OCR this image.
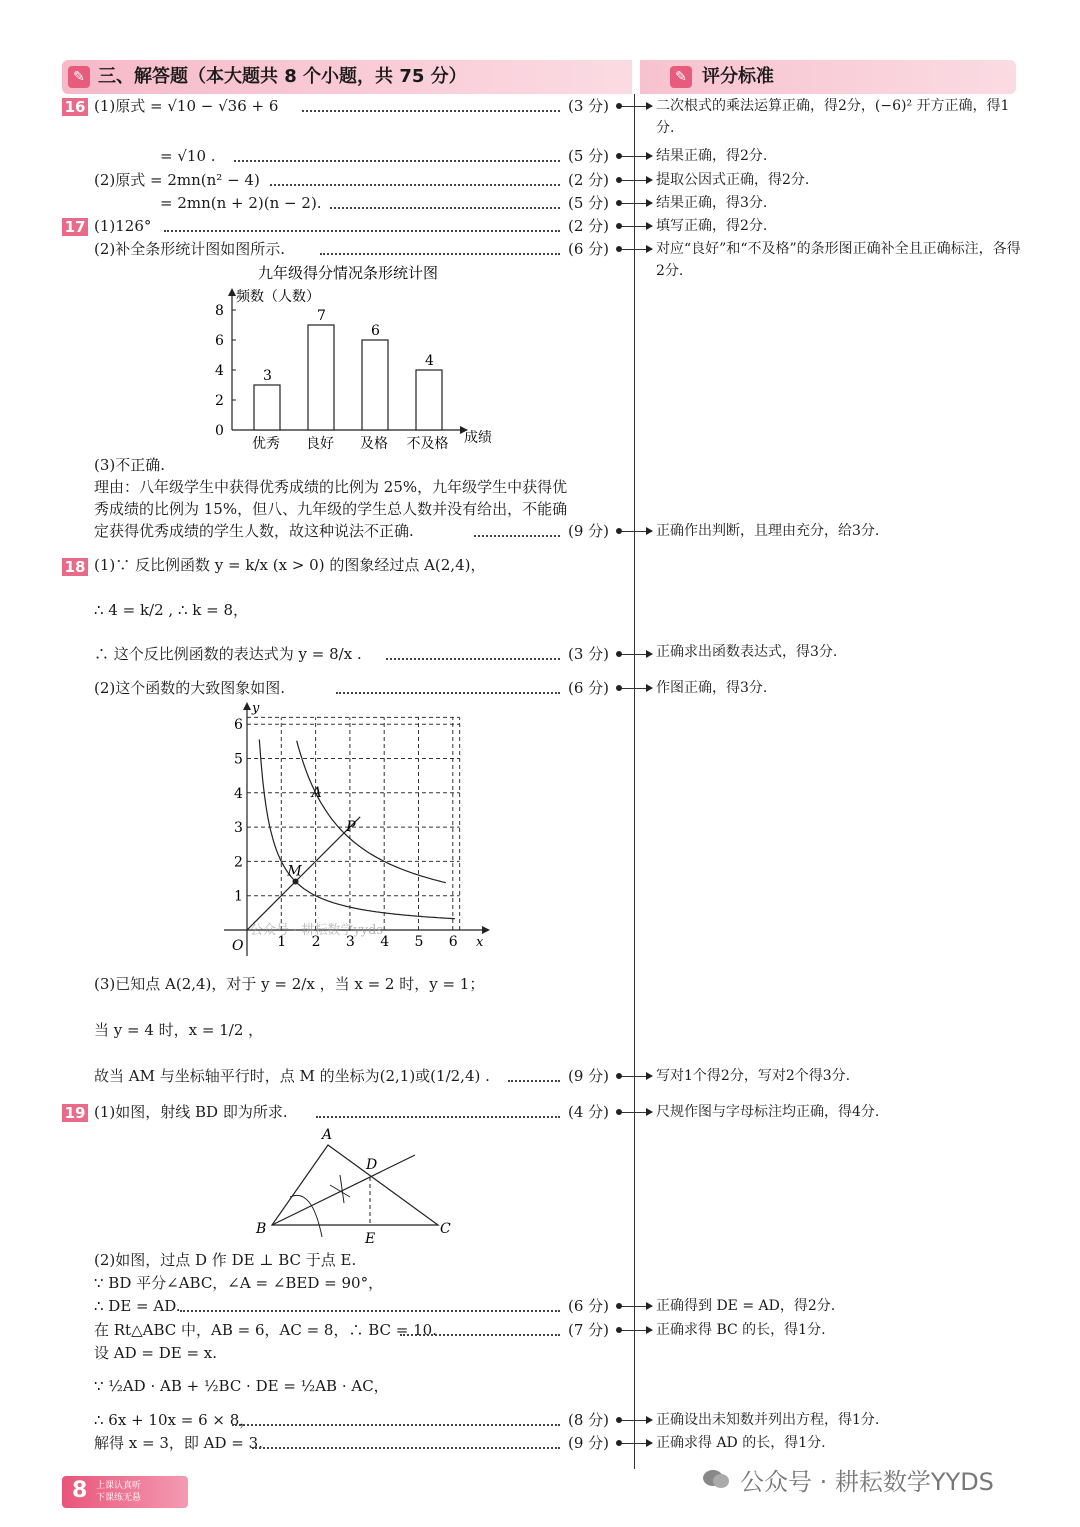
✎ 三、解答题（本大题共 8 个小题，共 75 分）	✎ 评分标准
16 (1)原式 = √10 − √36 + 6	(3 分)	二次根式的乘法运算正确，得2分，(−6)² 开方正确，得1分.
= √10 .	(5 分)	结果正确，得2分.
(2)原式 = 2mn(n² − 4)	(2 分)	提取公因式正确，得2分.
= 2mn(n + 2)(n − 2).	(5 分)	结果正确，得3分.
17 (1)126°	(2 分)	填写正确，得2分.
(2)补全条形统计图如图所示.	(6 分)	对应“良好”和“不及格”的条形图正确补全且正确标注，各得2分.
九年级得分情况条形统计图
频数（人数）
成绩
0
2
4
6
8
3
优秀
7
良好
6
及格
4
不及格
(3)不正确.
理由：八年级学生中获得优秀成绩的比例为 25%，九年级学生中获得优
秀成绩的比例为 15%，但八、九年级的学生总人数并没有给出，不能确
定获得优秀成绩的学生人数，故这种说法不正确.	(9 分)	正确作出判断，且理由充分，给3分.
18 (1)∵ 反比例函数 y = k/x (x > 0) 的图象经过点 A(2,4)，
∴ 4 = k/2 , ∴ k = 8，
∴ 这个反比例函数的表达式为 y = 8/x .	(3 分)	正确求出函数表达式，得3分.
(2)这个函数的大致图象如图.	(6 分)	作图正确，得3分.
x
y
O 1 2 3 4 5 6
1
2
3
4
5
6
A
P
M
公众号 · 耕耘数学yyds
(3)已知点 A(2,4)，对于 y = 2/x ，当 x = 2 时，y = 1；
当 y = 4 时，x = 1/2 ，
故当 AM 与坐标轴平行时，点 M 的坐标为(2,1)或(1/2,4) .	(9 分)	写对1个得2分，写对2个得3分.
19 (1)如图，射线 BD 即为所求.	(4 分)	尺规作图与字母标注均正确，得4分.
A
B	C
D
E
(2)如图，过点 D 作 DE ⊥ BC 于点 E.
∵ BD 平分∠ABC，∠A = ∠BED = 90°，
∴ DE = AD.	(6 分)	正确得到 DE = AD，得2分.
在 Rt△ABC 中，AB = 6，AC = 8，∴ BC = 10.	(7 分)	正确求得 BC 的长，得1分.
设 AD = DE = x.
∵ ½AD · AB + ½BC · DE = ½AB · AC，
∴ 6x + 10x = 6 × 8，	(8 分)	正确设出未知数并列出方程，得1分.
解得 x = 3，即 AD = 3.	(9 分)	正确求得 AD 的长，得1分.
8 上课认真听
下课练无悬
公众号 · 耕耘数学YYDS
